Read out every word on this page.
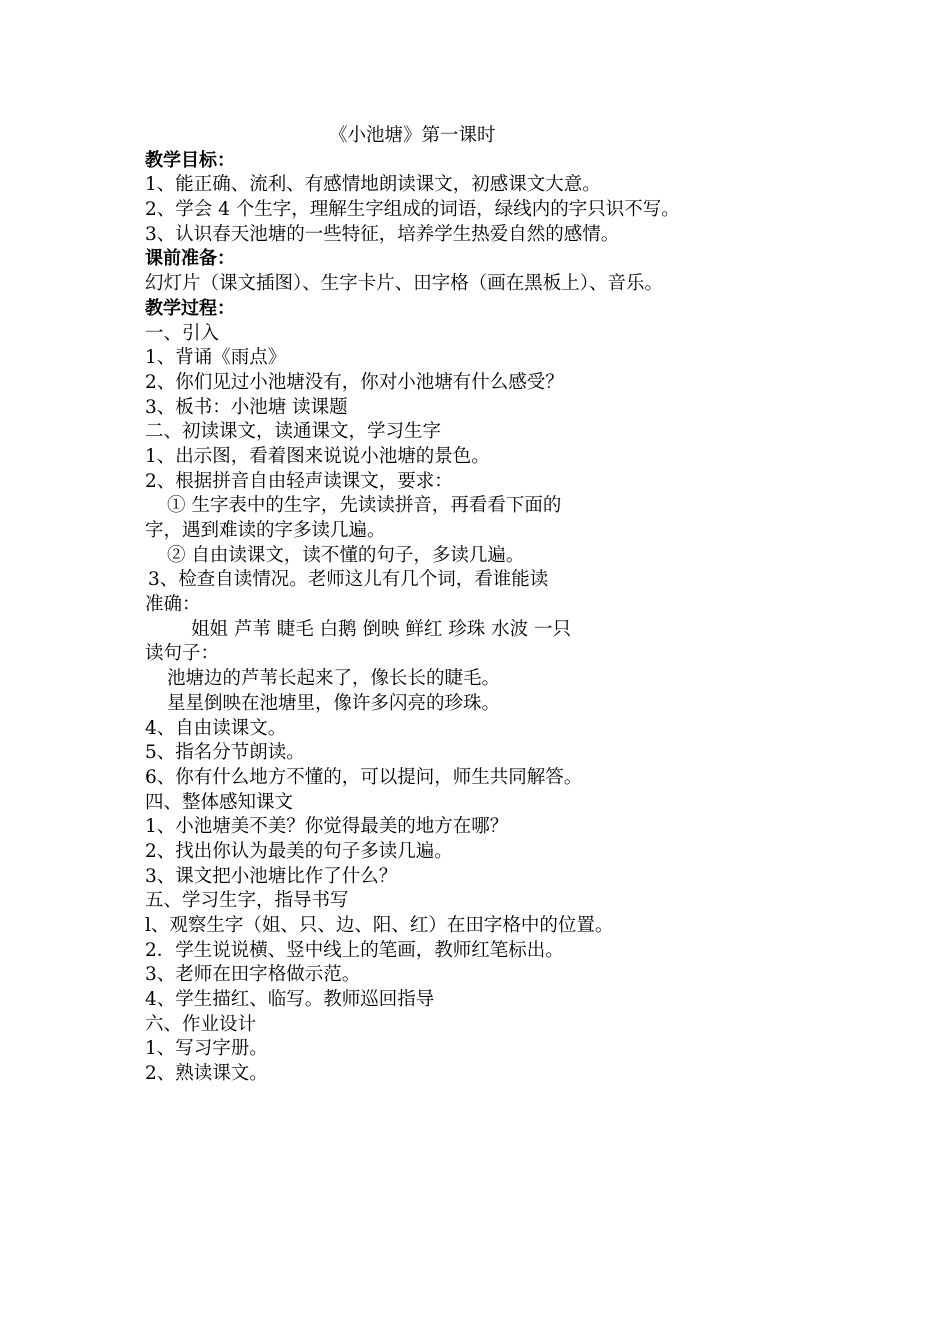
《小池塘》第一课时
教学目标：
1、能正确、流利、有感情地朗读课文，初感课文大意。
2、学会 4 个生字，理解生字组成的词语，绿线内的字只识不写。
3、认识春天池塘的一些特征，培养学生热爱自然的感情。
课前准备：
幻灯片（课文插图）、生字卡片、田字格（画在黑板上）、音乐。
教学过程：
一、引入
1、背诵《雨点》
2、你们见过小池塘没有，你对小池塘有什么感受？
3、板书：小池塘 读课题
二、初读课文，读通课文，学习生字
1、出示图，看着图来说说小池塘的景色。
2、根据拼音自由轻声读课文，要求：
① 生字表中的生字，先读读拼音，再看看下面的
字，遇到难读的字多读几遍。
② 自由读课文，读不懂的句子，多读几遍。
3、检查自读情况。老师这儿有几个词，看谁能读
准确：
姐姐 芦苇 睫毛 白鹅 倒映 鲜红 珍珠 水波 一只
读句子：
池塘边的芦苇长起来了，像长长的睫毛。
星星倒映在池塘里，像许多闪亮的珍珠。
4、自由读课文。
5、指名分节朗读。
6、你有什么地方不懂的，可以提问，师生共同解答。
四、整体感知课文
1、小池塘美不美？你觉得最美的地方在哪？
2、找出你认为最美的句子多读几遍。
3、课文把小池塘比作了什么？
五、学习生字，指导书写
l、观察生字（姐、只、边、阳、红）在田字格中的位置。
2．学生说说横、竖中线上的笔画，教师红笔标出。
3、老师在田字格做示范。
4、学生描红、临写。教师巡回指导
六、作业设计
1、写习字册。
2、熟读课文。
